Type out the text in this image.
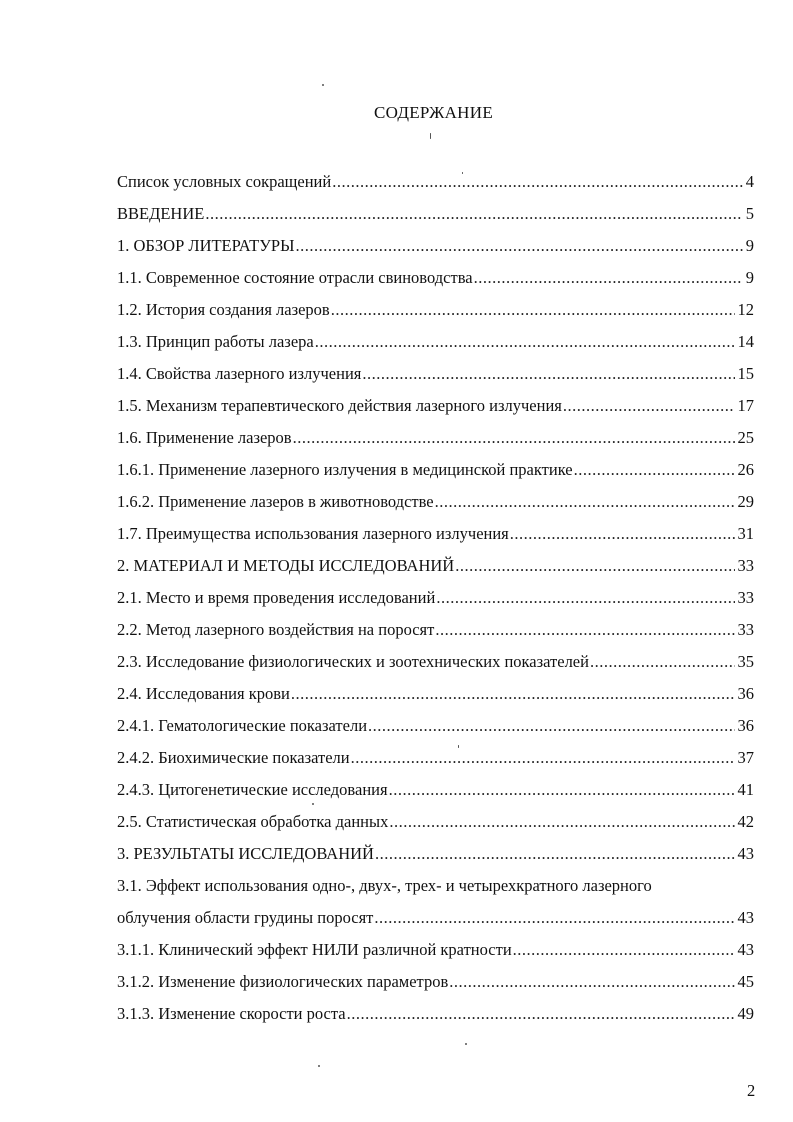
СОДЕРЖАНИЕ
Список условных сокращений .....	4
ВВЕДЕНИЕ .....	5
1. ОБЗОР ЛИТЕРАТУРЫ .....	9
1.1. Современное состояние отрасли свиноводства .....	9
1.2. История создания лазеров .....	12
1.3. Принцип работы лазера .....	14
1.4. Свойства лазерного излучения .....	15
1.5. Механизм терапевтического действия лазерного излучения .....	17
1.6. Применение лазеров .....	25
1.6.1. Применение лазерного излучения в медицинской практике .....	26
1.6.2. Применение лазеров в животноводстве .....	29
1.7. Преимущества использования лазерного излучения .....	31
2. МАТЕРИАЛ И МЕТОДЫ ИССЛЕДОВАНИЙ .....	33
2.1. Место и время проведения исследований .....	33
2.2. Метод лазерного воздействия на поросят .....	33
2.3. Исследование физиологических и зоотехнических показателей .....	35
2.4. Исследования крови .....	36
2.4.1. Гематологические показатели .....	36
2.4.2. Биохимические показатели .....	37
2.4.3. Цитогенетические исследования .....	41
2.5. Статистическая обработка данных .....	42
3. РЕЗУЛЬТАТЫ ИССЛЕДОВАНИЙ .....	43
3.1. Эффект использования одно-, двух-, трех- и четырехкратного лазерного
облучения области грудины поросят .....	43
3.1.1. Клинический эффект НИЛИ различной кратности .....	43
3.1.2. Изменение физиологических параметров .....	45
3.1.3. Изменение скорости роста .....	49
2
